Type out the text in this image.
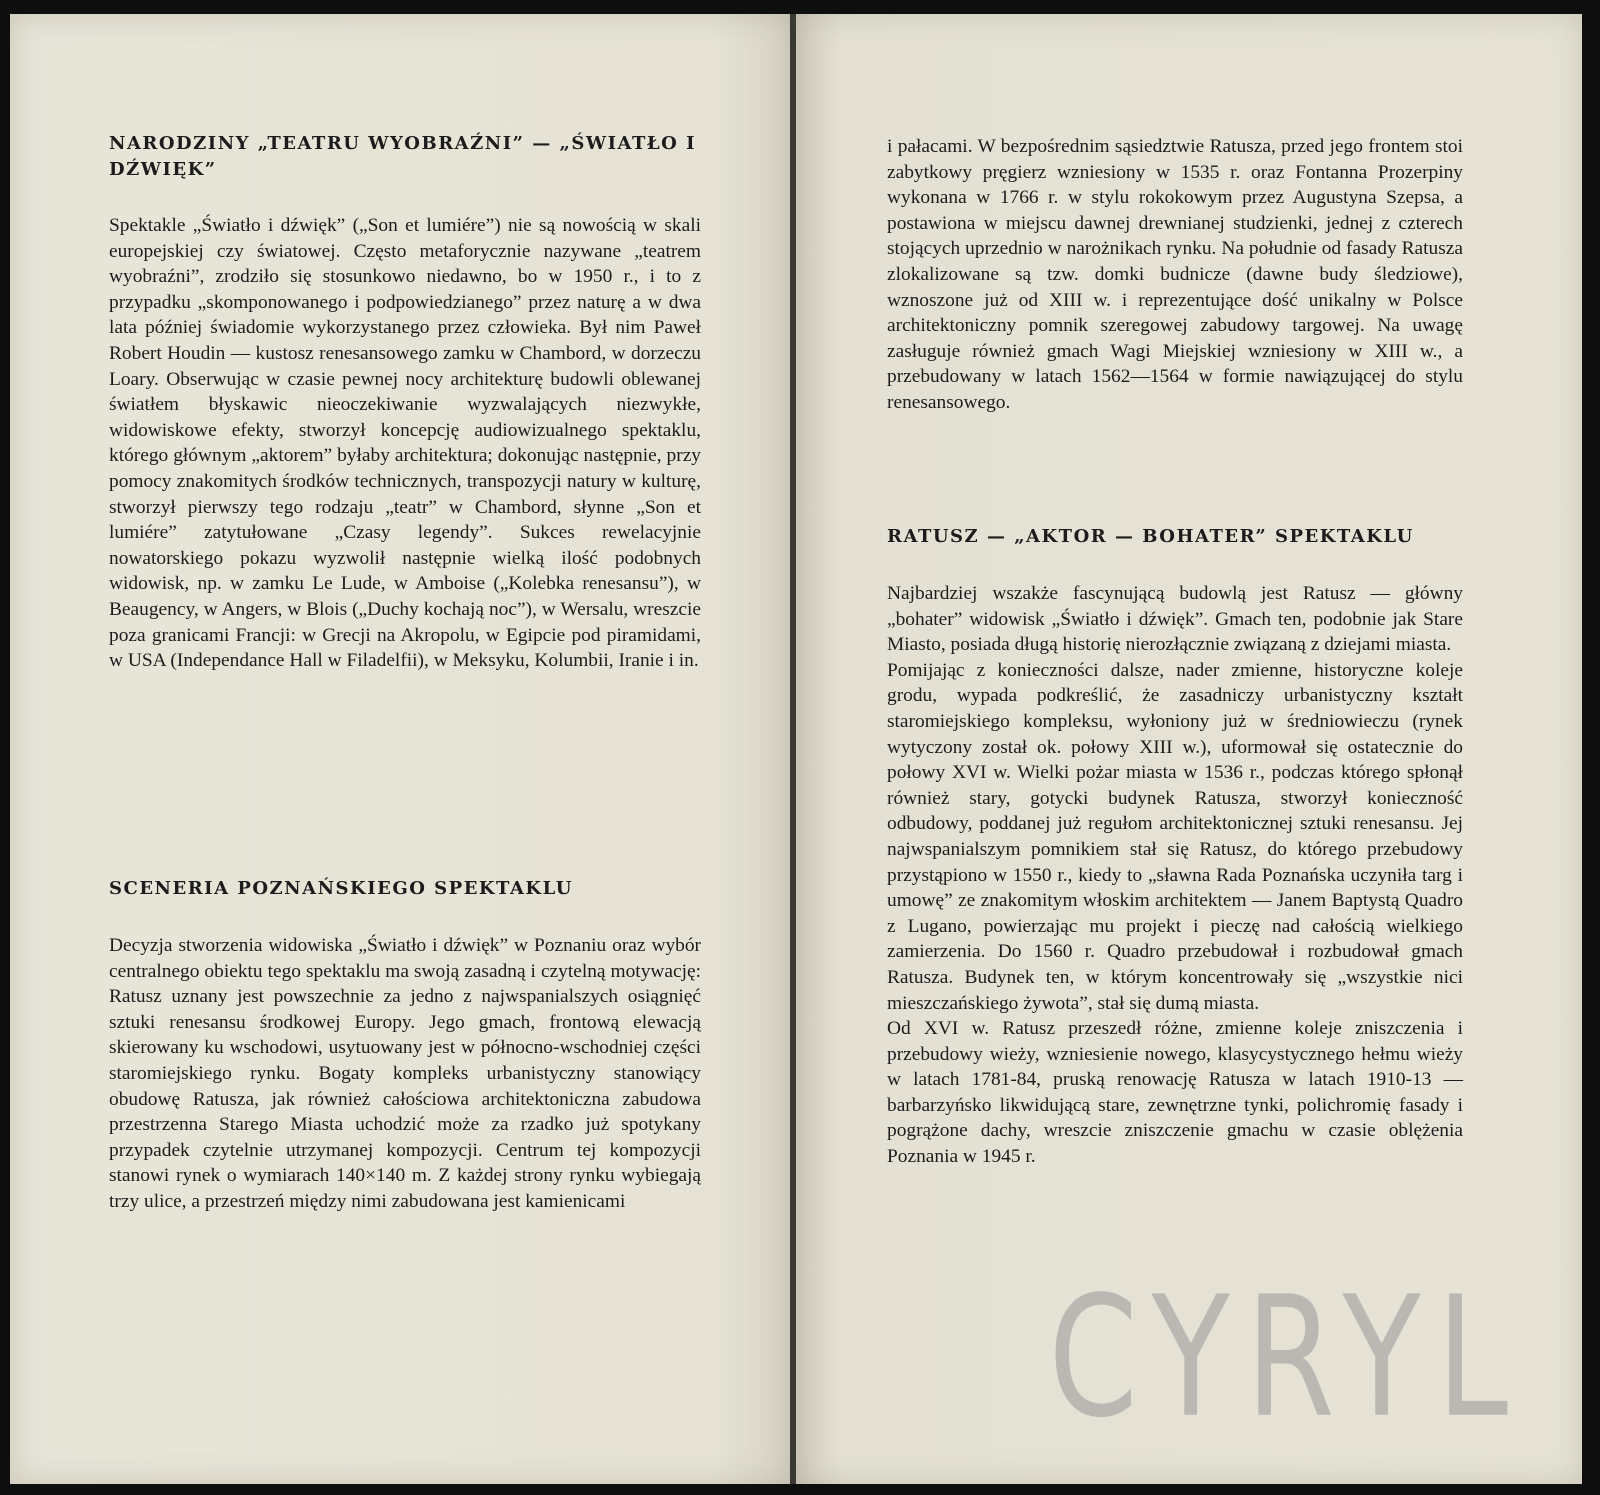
NARODZINY „TEATRU WYOBRAŹNI” — „ŚWIATŁO I DŹWIĘK”

Spektakle „Światło i dźwięk” („Son et lumiére”) nie są nowością w skali europejskiej czy światowej. Często metaforycznie nazywane „teatrem wyobraźni”, zrodziło się stosunkowo niedawno, bo w 1950 r., i to z przypadku „skomponowanego i podpowiedzianego” przez naturę a w dwa lata później świadomie wykorzystanego przez człowieka. Był nim Paweł Robert Houdin — kustosz renesansowego zamku w Chambord, w dorzeczu Loary. Obserwując w czasie pewnej nocy architekturę budowli oblewanej światłem błyskawic nieoczekiwanie wyzwalających niezwykłe, widowiskowe efekty, stworzył koncepcję audiowizualnego spektaklu, którego głównym „aktorem” byłaby architektura; dokonując następnie, przy pomocy znakomitych środków technicznych, transpozycji natury w kulturę, stworzył pierwszy tego rodzaju „teatr” w Chambord, słynne „Son et lumiére” zatytułowane „Czasy legendy”. Sukces rewelacyjnie nowatorskiego pokazu wyzwolił następnie wielką ilość podobnych widowisk, np. w zamku Le Lude, w Amboise („Kolebka renesansu”), w Beaugency, w Angers, w Blois („Duchy kochają noc”), w Wersalu, wreszcie poza granicami Francji: w Grecji na Akropolu, w Egipcie pod piramidami, w USA (Independance Hall w Filadelfii), w Meksyku, Kolumbii, Iranie i in.

SCENERIA POZNAŃSKIEGO SPEKTAKLU

Decyzja stworzenia widowiska „Światło i dźwięk” w Poznaniu oraz wybór centralnego obiektu tego spektaklu ma swoją zasadną i czytelną motywację: Ratusz uznany jest powszechnie za jedno z najwspanialszych osiągnięć sztuki renesansu środkowej Europy. Jego gmach, frontową elewacją skierowany ku wschodowi, usytuowany jest w północno-wschodniej części staromiejskiego rynku. Bogaty kompleks urbanistyczny stanowiący obudowę Ratusza, jak również całościowa architektoniczna zabudowa przestrzenna Starego Miasta uchodzić może za rzadko już spotykany przypadek czytelnie utrzymanej kompozycji. Centrum tej kompozycji stanowi rynek o wymiarach 140×140 m. Z każdej strony rynku wybiegają trzy ulice, a przestrzeń między nimi zabudowana jest kamienicami

i pałacami. W bezpośrednim sąsiedztwie Ratusza, przed jego frontem stoi zabytkowy pręgierz wzniesiony w 1535 r. oraz Fontanna Prozerpiny wykonana w 1766 r. w stylu rokokowym przez Augustyna Szepsa, a postawiona w miejscu dawnej drewnianej studzienki, jednej z czterech stojących uprzednio w narożnikach rynku. Na południe od fasady Ratusza zlokalizowane są tzw. domki budnicze (dawne budy śledziowe), wznoszone już od XIII w. i reprezentujące dość unikalny w Polsce architektoniczny pomnik szeregowej zabudowy targowej. Na uwagę zasługuje również gmach Wagi Miejskiej wzniesiony w XIII w., a przebudowany w latach 1562—1564 w formie nawiązującej do stylu renesansowego.

RATUSZ — „AKTOR — BOHATER” SPEKTAKLU

Najbardziej wszakże fascynującą budowlą jest Ratusz — główny „bohater” widowisk „Światło i dźwięk”. Gmach ten, podobnie jak Stare Miasto, posiada długą historię nierozłącznie związaną z dziejami miasta.

Pomijając z konieczności dalsze, nader zmienne, historyczne koleje grodu, wypada podkreślić, że zasadniczy urbanistyczny kształt staromiejskiego kompleksu, wyłoniony już w średniowieczu (rynek wytyczony został ok. połowy XIII w.), uformował się ostatecznie do połowy XVI w. Wielki pożar miasta w 1536 r., podczas którego spłonął również stary, gotycki budynek Ratusza, stworzył konieczność odbudowy, poddanej już regułom architektonicznej sztuki renesansu. Jej najwspanialszym pomnikiem stał się Ratusz, do którego przebudowy przystąpiono w 1550 r., kiedy to „sławna Rada Poznańska uczyniła targ i umowę” ze znakomitym włoskim architektem — Janem Baptystą Quadro z Lugano, powierzając mu projekt i pieczę nad całością wielkiego zamierzenia. Do 1560 r. Quadro przebudował i rozbudował gmach Ratusza. Budynek ten, w którym koncentrowały się „wszystkie nici mieszczańskiego żywota”, stał się dumą miasta.

Od XVI w. Ratusz przeszedł różne, zmienne koleje zniszczenia i przebudowy wieży, wzniesienie nowego, klasycystycznego hełmu wieży w latach 1781-84, pruską renowację Ratusza w latach 1910-13 — barbarzyńsko likwidującą stare, zewnętrzne tynki, polichromię fasady i pogrążone dachy, wreszcie zniszczenie gmachu w czasie oblężenia Poznania w 1945 r.

CYRYL
